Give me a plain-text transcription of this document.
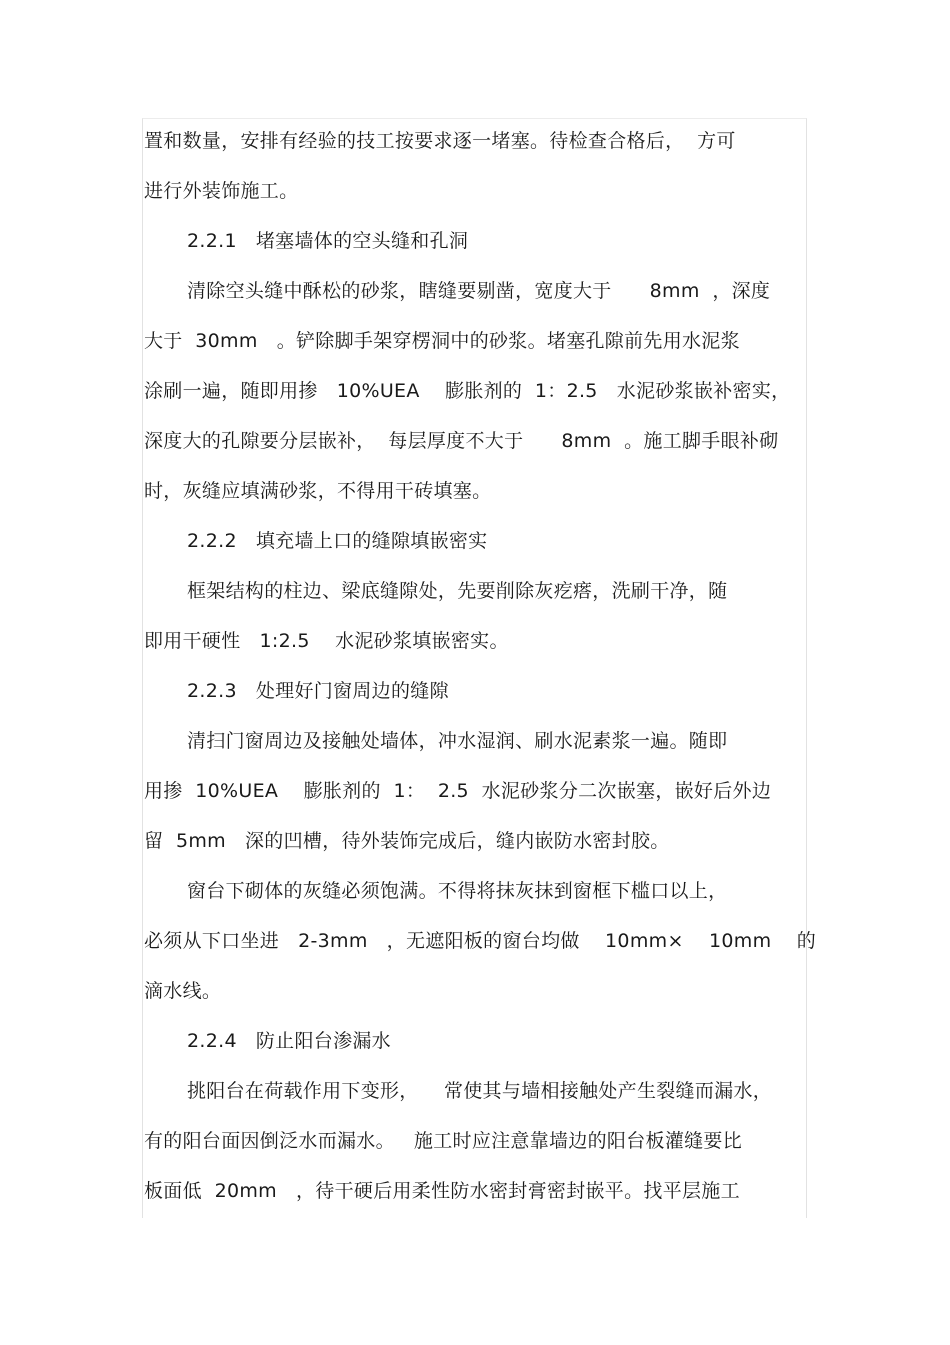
置和数量，安排有经验的技工按要求逐一堵塞。待检查合格后，  方可
进行外装饰施工。
2.2.1   堵塞墙体的空头缝和孔洞
清除空头缝中酥松的砂浆，瞎缝要剔凿，宽度大于      8mm  ，深度
大于  30mm   。铲除脚手架穿楞洞中的砂浆。堵塞孔隙前先用水泥浆
涂刷一遍，随即用掺   10%UEA    膨胀剂的  1：2.5   水泥砂浆嵌补密实，
深度大的孔隙要分层嵌补，  每层厚度不大于      8mm  。施工脚手眼补砌
时，灰缝应填满砂浆，不得用干砖填塞。
2.2.2   填充墙上口的缝隙填嵌密实
框架结构的柱边、梁底缝隙处，先要削除灰疙瘩，洗刷干净，随
即用干硬性   1:2.5    水泥砂浆填嵌密实。
2.2.3   处理好门窗周边的缝隙
清扫门窗周边及接触处墙体，冲水湿润、刷水泥素浆一遍。随即
用掺  10%UEA    膨胀剂的  1：  2.5  水泥砂浆分二次嵌塞，嵌好后外边
留  5mm   深的凹槽，待外装饰完成后，缝内嵌防水密封胶。
窗台下砌体的灰缝必须饱满。不得将抹灰抹到窗框下槛口以上，
必须从下口坐进   2-3mm   ，无遮阳板的窗台均做    10mm×    10mm    的
滴水线。
2.2.4   防止阳台渗漏水
挑阳台在荷载作用下变形，    常使其与墙相接触处产生裂缝而漏水，
有的阳台面因倒泛水而漏水。   施工时应注意靠墙边的阳台板灌缝要比
板面低  20mm   ，待干硬后用柔性防水密封膏密封嵌平。找平层施工
